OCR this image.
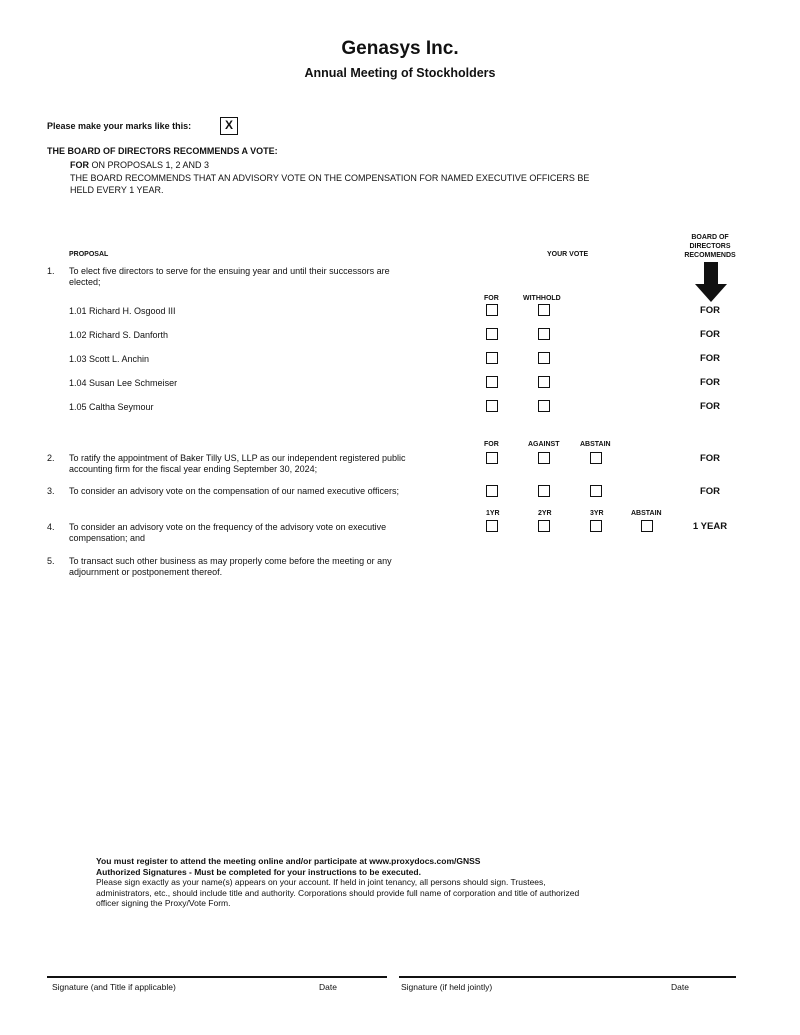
Genasys Inc.
Annual Meeting of Stockholders
Please make your marks like this:	X
THE BOARD OF DIRECTORS RECOMMENDS A VOTE:
FOR ON PROPOSALS 1, 2 AND 3
THE BOARD RECOMMENDS THAT AN ADVISORY VOTE ON THE COMPENSATION FOR NAMED EXECUTIVE OFFICERS BE
HELD EVERY 1 YEAR.
PROPOSAL	YOUR VOTE
BOARD OF
DIRECTORS
RECOMMENDS
1. To elect five directors to serve for the ensuing year and until their successors are
elected;
FOR	WITHHOLD
1.01 Richard H. Osgood III	FOR
1.02 Richard S. Danforth	FOR
1.03 Scott L. Anchin	FOR
1.04 Susan Lee Schmeiser	FOR
1.05 Caltha Seymour	FOR
FOR	AGAINST	ABSTAIN
2. To ratify the appointment of Baker Tilly US, LLP as our independent registered public
accounting firm for the fiscal year ending September 30, 2024;
FOR
3. To consider an advisory vote on the compensation of our named executive officers;	FOR
1YR	2YR	3YR	ABSTAIN
4. To consider an advisory vote on the frequency of the advisory vote on executive
compensation; and
1 YEAR
5. To transact such other business as may properly come before the meeting or any
adjournment or postponement thereof.
You must register to attend the meeting online and/or participate at www.proxydocs.com/GNSS
Authorized Signatures - Must be completed for your instructions to be executed.
Please sign exactly as your name(s) appears on your account. If held in joint tenancy, all persons should sign. Trustees,
administrators, etc., should include title and authority. Corporations should provide full name of corporation and title of authorized
officer signing the Proxy/Vote Form.
Signature (and Title if applicable)	Date	Signature (if held jointly)	Date
